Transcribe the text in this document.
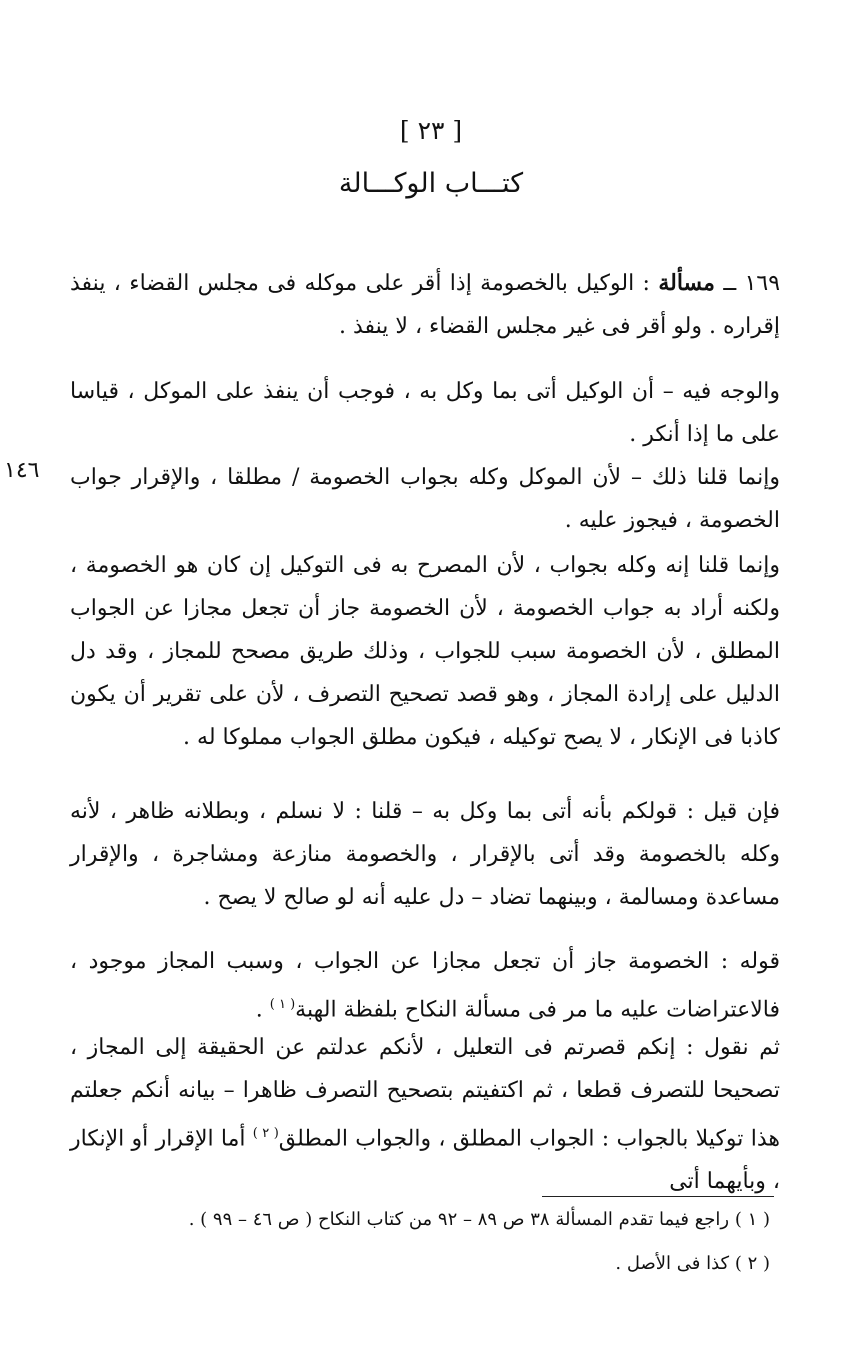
[ ٢٣ ]
كتـــاب الوكـــالة
١٦٩ ــ مسألة : الوكيل بالخصومة إذا أقر على موكله فى مجلس القضاء ، ينفذ إقراره . ولو أقر فى غير مجلس القضاء ، لا ينفذ .
والوجه فيه – أن الوكيل أتى بما وكل به ، فوجب أن ينفذ على الموكل ، قياسا على ما إذا أنكر .
١٤٦ وإنما قلنا ذلك – لأن الموكل وكله بجواب الخصومة / مطلقا ، والإقرار جواب الخصومة ، فيجوز عليه .
وإنما قلنا إنه وكله بجواب ، لأن المصرح به فى التوكيل إن كان هو الخصومة ، ولكنه أراد به جواب الخصومة ، لأن الخصومة جاز أن تجعل مجازا عن الجواب المطلق ، لأن الخصومة سبب للجواب ، وذلك طريق مصحح للمجاز ، وقد دل الدليل على إرادة المجاز ، وهو قصد تصحيح التصرف ، لأن على تقرير أن يكون كاذبا فى الإنكار ، لا يصح توكيله ، فيكون مطلق الجواب مملوكا له .
فإن قيل : قولكم بأنه أتى بما وكل به – قلنا : لا نسلم ، وبطلانه ظاهر ، لأنه وكله بالخصومة وقد أتى بالإقرار ، والخصومة منازعة ومشاجرة ، والإقرار مساعدة ومسالمة ، وبينهما تضاد – دل عليه أنه لو صالح لا يصح .
قوله : الخصومة جاز أن تجعل مجازا عن الجواب ، وسبب المجاز موجود ، فالاعتراضات عليه ما مر فى مسألة النكاح بلفظة الهبة$^{( ١ )}$ .
ثم نقول : إنكم قصرتم فى التعليل ، لأنكم عدلتم عن الحقيقة إلى المجاز ، تصحيحا للتصرف قطعا ، ثم اكتفيتم بتصحيح التصرف ظاهرا – بيانه أنكم جعلتم هذا توكيلا بالجواب : الجواب المطلق ، والجواب المطلق$^{( ٢ )}$ أما الإقرار أو الإنكار ، وبأيهما أتى
( ١ ) راجع فيما تقدم المسألة ٣٨ ص ٨٩ – ٩٢ من كتاب النكاح ( ص ٤٦ – ٩٩ ) .
( ٢ ) كذا فى الأصل .
